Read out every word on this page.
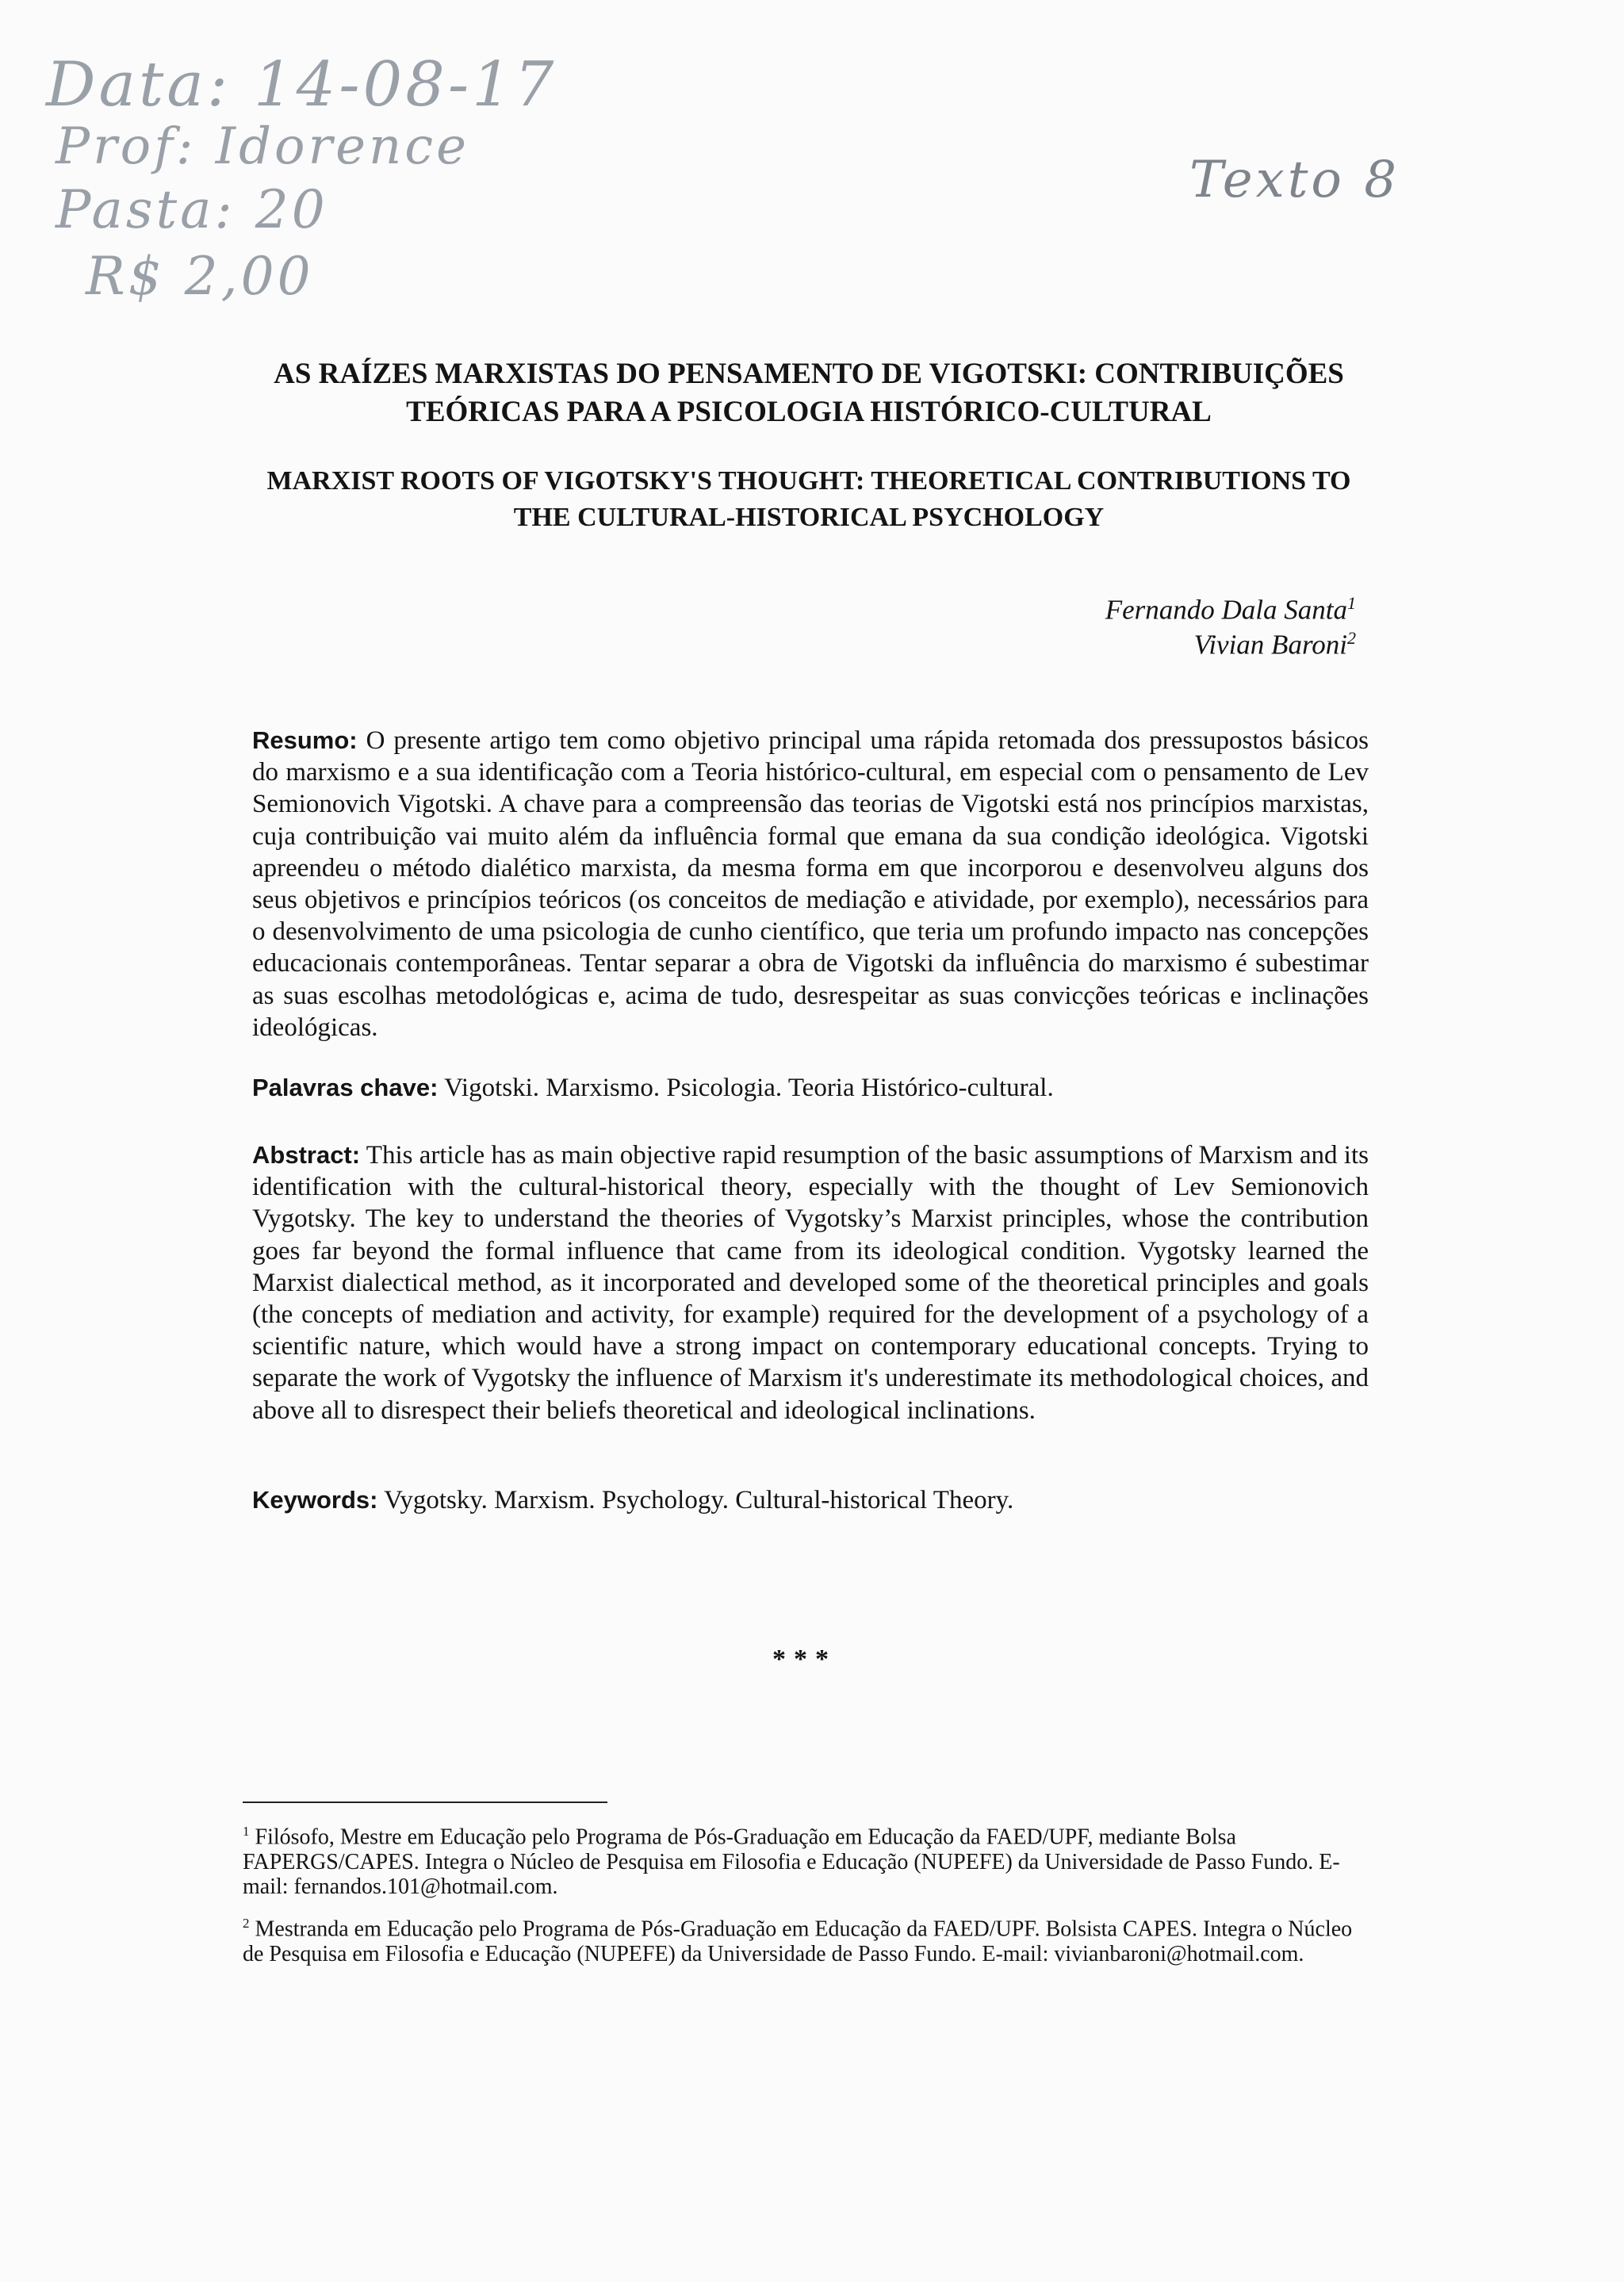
Data: 14-08-17
Prof: Idorence
Pasta: 20
R$ 2,00
Texto 8
AS RAÍZES MARXISTAS DO PENSAMENTO DE VIGOTSKI: CONTRIBUIÇÕES TEÓRICAS PARA A PSICOLOGIA HISTÓRICO-CULTURAL
MARXIST ROOTS OF VIGOTSKY'S THOUGHT: THEORETICAL CONTRIBUTIONS TO THE CULTURAL-HISTORICAL PSYCHOLOGY
Fernando Dala Santa$^1$
Vivian Baroni$^2$
Resumo: O presente artigo tem como objetivo principal uma rápida retomada dos pressupostos básicos do marxismo e a sua identificação com a Teoria histórico-cultural, em especial com o pensamento de Lev Semionovich Vigotski. A chave para a compreensão das teorias de Vigotski está nos princípios marxistas, cuja contribuição vai muito além da influência formal que emana da sua condição ideológica. Vigotski apreendeu o método dialético marxista, da mesma forma em que incorporou e desenvolveu alguns dos seus objetivos e princípios teóricos (os conceitos de mediação e atividade, por exemplo), necessários para o desenvolvimento de uma psicologia de cunho científico, que teria um profundo impacto nas concepções educacionais contemporâneas. Tentar separar a obra de Vigotski da influência do marxismo é subestimar as suas escolhas metodológicas e, acima de tudo, desrespeitar as suas convicções teóricas e inclinações ideológicas.
Palavras chave: Vigotski. Marxismo. Psicologia. Teoria Histórico-cultural.
Abstract: This article has as main objective rapid resumption of the basic assumptions of Marxism and its identification with the cultural-historical theory, especially with the thought of Lev Semionovich Vygotsky. The key to understand the theories of Vygotsky’s Marxist principles, whose the contribution goes far beyond the formal influence that came from its ideological condition. Vygotsky learned the Marxist dialectical method, as it incorporated and developed some of the theoretical principles and goals (the concepts of mediation and activity, for example) required for the development of a psychology of a scientific nature, which would have a strong impact on contemporary educational concepts. Trying to separate the work of Vygotsky the influence of Marxism it's underestimate its methodological choices, and above all to disrespect their beliefs theoretical and ideological inclinations.
Keywords: Vygotsky. Marxism. Psychology. Cultural-historical Theory.
***
$^1$ Filósofo, Mestre em Educação pelo Programa de Pós-Graduação em Educação da FAED/UPF, mediante Bolsa FAPERGS/CAPES. Integra o Núcleo de Pesquisa em Filosofia e Educação (NUPEFE) da Universidade de Passo Fundo. E-mail: fernandos.101@hotmail.com.
$^2$ Mestranda em Educação pelo Programa de Pós-Graduação em Educação da FAED/UPF. Bolsista CAPES. Integra o Núcleo de Pesquisa em Filosofia e Educação (NUPEFE) da Universidade de Passo Fundo. E-mail: vivianbaroni@hotmail.com.
